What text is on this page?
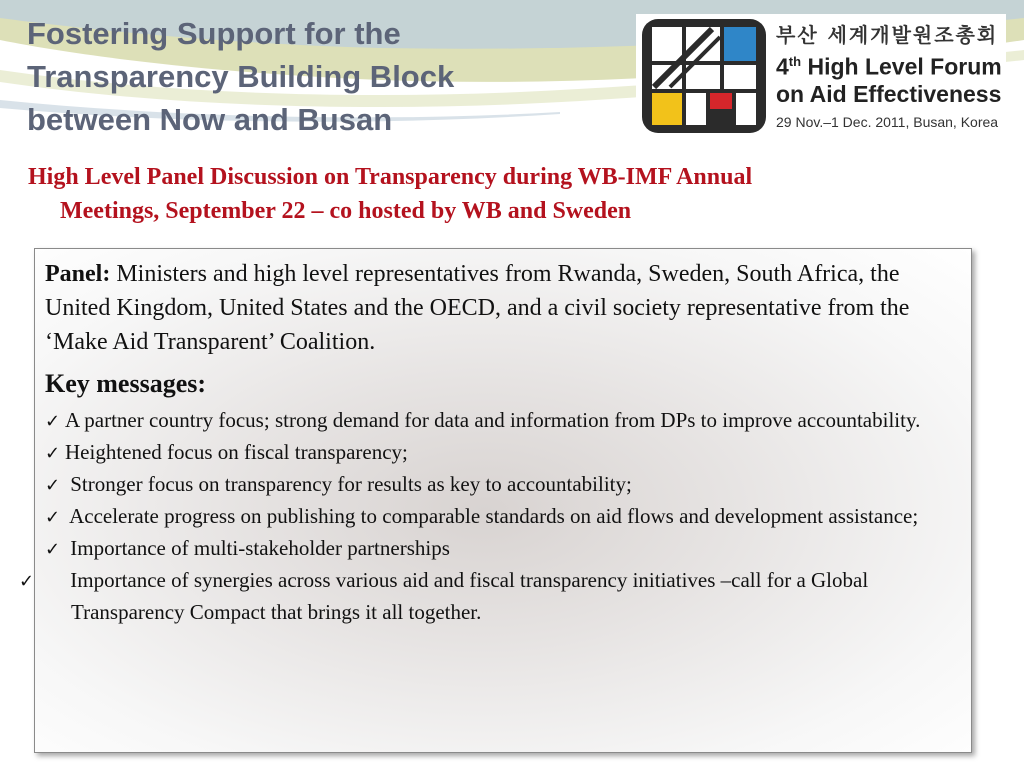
Fostering Support for the
Transparency Building Block
between Now and Busan
부산 세계개발원조총회
4th High Level Forum
on Aid Effectiveness
29 Nov.–1 Dec. 2011, Busan, Korea
High Level Panel Discussion on Transparency during WB-IMF Annual
Meetings, September 22 – co hosted by WB and Sweden

Panel: Ministers and high level representatives from Rwanda, Sweden, South Africa, the United Kingdom, United States and the OECD, and a civil society representative from the ‘Make Aid Transparent’ Coalition.

Key messages:
✓ A partner country focus; strong demand for data and information from DPs to improve accountability.
✓ Heightened focus on fiscal transparency;
✓ Stronger focus on transparency for results as key to accountability;
✓ Accelerate progress on publishing to comparable standards on aid flows and development assistance;
✓ Importance of multi-stakeholder partnerships
✓ Importance of synergies across various aid and fiscal transparency initiatives –call for a Global Transparency Compact that brings it all together.
